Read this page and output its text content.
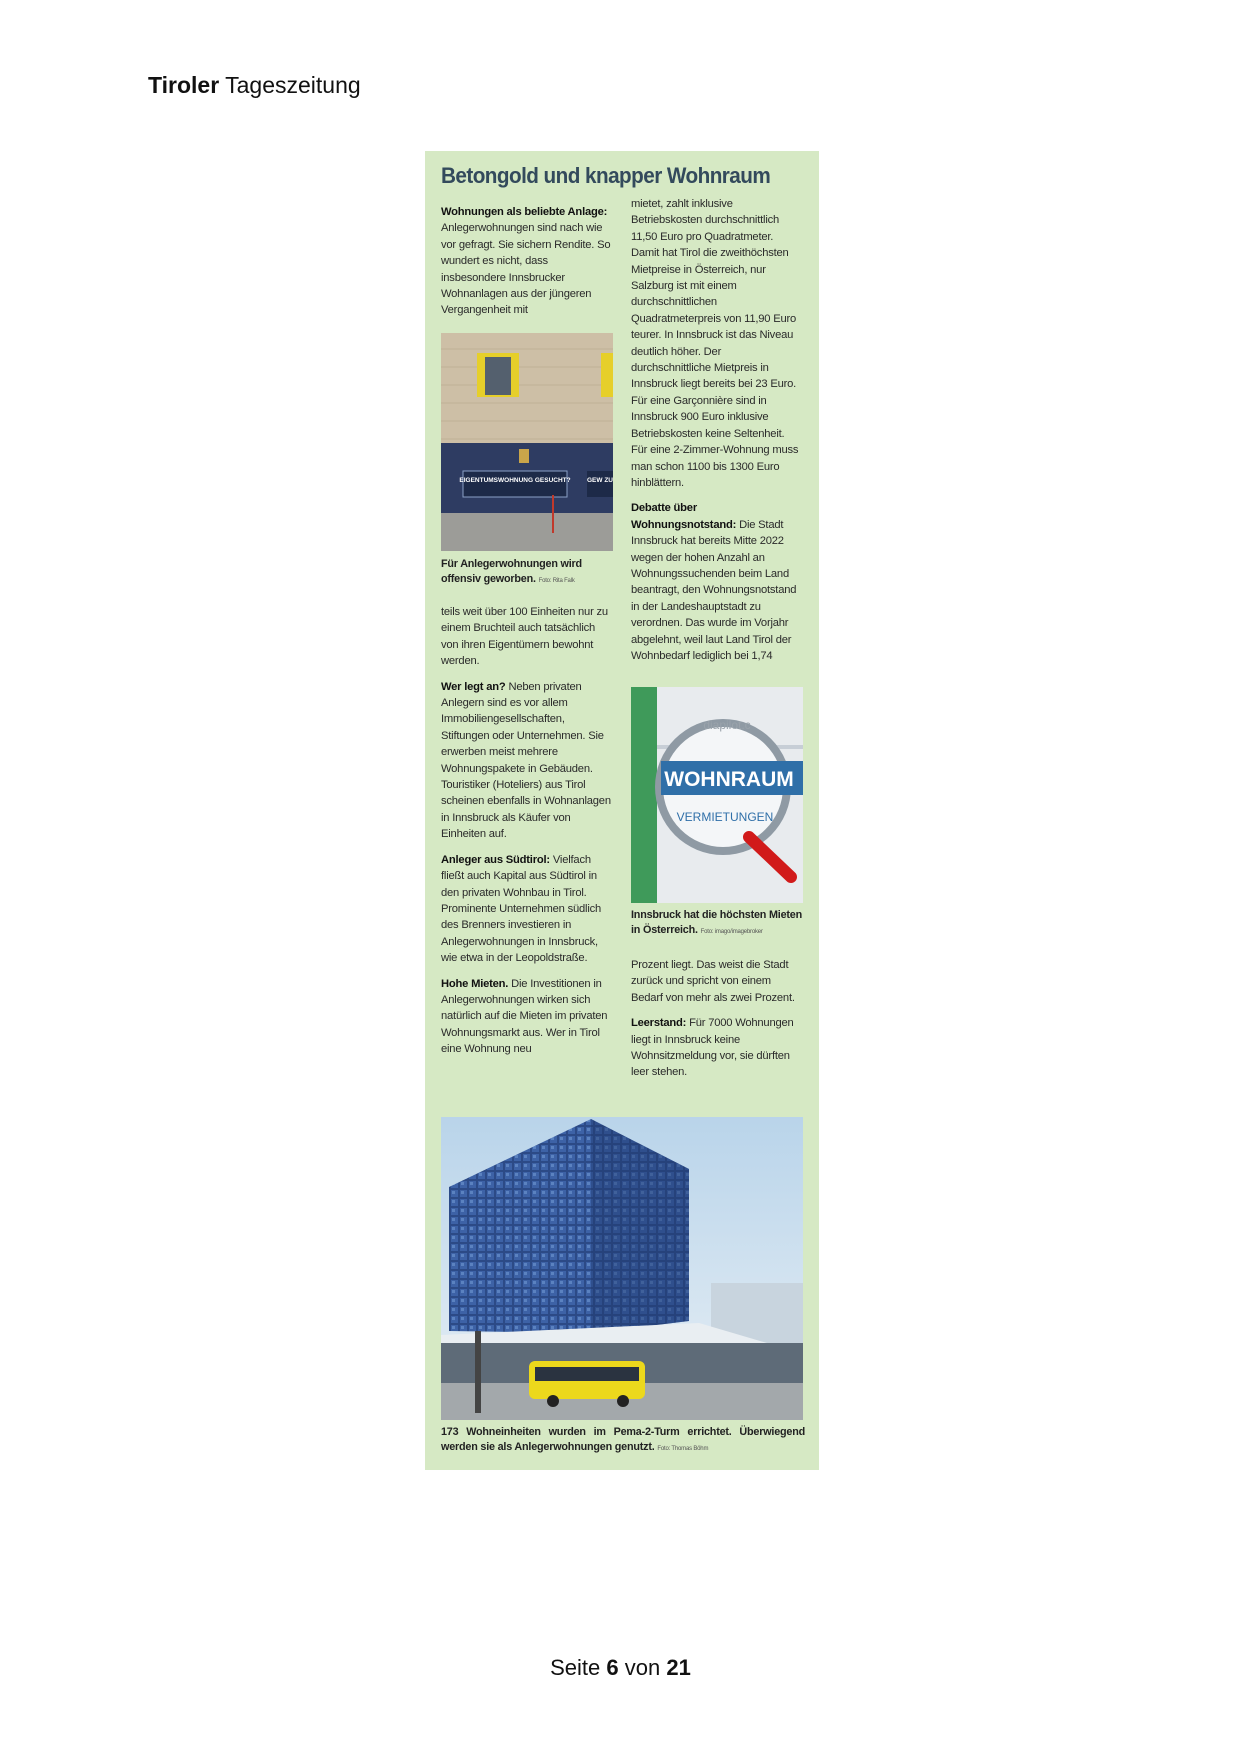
Tiroler Tageszeitung
Betongold und knapper Wohnraum

Wohnungen als beliebte Anlage: Anlegerwohnungen sind nach wie vor gefragt. Sie sichern Rendite. So wundert es nicht, dass insbesondere Innsbrucker Wohnanlagen aus der jüngeren Vergangenheit mit

EIGENTUMSWOHNUNG GESUCHT?	GEW ZU
Für Anlegerwohnungen wird offensiv geworben. Foto: Rita Falk

teils weit über 100 Einheiten nur zu einem Bruchteil auch tatsächlich von ihren Eigentümern bewohnt werden.

Wer legt an? Neben privaten Anlegern sind es vor allem Immobiliengesellschaften, Stiftungen oder Unternehmen. Sie erwerben meist mehrere Wohnungspakete in Gebäuden. Touristiker (Hoteliers) aus Tirol scheinen ebenfalls in Wohnanlagen in Innsbruck als Käufer von Einheiten auf.

Anleger aus Südtirol: Vielfach fließt auch Kapital aus Südtirol in den privaten Wohnbau in Tirol. Prominente Unternehmen südlich des Brenners investieren in Anlegerwohnungen in Innsbruck, wie etwa in der Leopoldstraße.

Hohe Mieten. Die Investitionen in Anlegerwohnungen wirken sich natürlich auf die Mieten im privaten Wohnungsmarkt aus. Wer in Tirol eine Wohnung neu

mietet, zahlt inklusive Betriebskosten durchschnittlich 11,50 Euro pro Quadratmeter. Damit hat Tirol die zweithöchsten Mietpreise in Österreich, nur Salzburg ist mit einem durchschnittlichen Quadratmeterpreis von 11,90 Euro teurer. In Innsbruck ist das Niveau deutlich höher. Der durchschnittliche Mietpreis in Innsbruck liegt bereits bei 23 Euro. Für eine Garçonnière sind in Innsbruck 900 Euro inklusive Betriebskosten keine Seltenheit. Für eine 2-Zimmer-Wohnung muss man schon 1100 bis 1300 Euro hinblättern.

Debatte über Wohnungsnotstand: Die Stadt Innsbruck hat bereits Mitte 2022 wegen der hohen Anzahl an Wohnungssuchenden beim Land beantragt, den Wohnungsnotstand in der Landeshauptstadt zu verordnen. Das wurde im Vorjahr abgelehnt, weil laut Land Tirol der Wohnbedarf lediglich bei 1,74

diapilot.c
WOHNRAUM
VERMIETUNGEN
Innsbruck hat die höchsten Mieten in Österreich. Foto: imago/imagebroker

Prozent liegt. Das weist die Stadt zurück und spricht von einem Bedarf von mehr als zwei Prozent.

Leerstand: Für 7000 Wohnungen liegt in Innsbruck keine Wohnsitzmeldung vor, sie dürften leer stehen.

173 Wohneinheiten wurden im Pema-2-Turm errichtet. Überwiegend werden sie als Anlegerwohnungen genutzt. Foto: Thomas Böhm
Seite 6 von 21
